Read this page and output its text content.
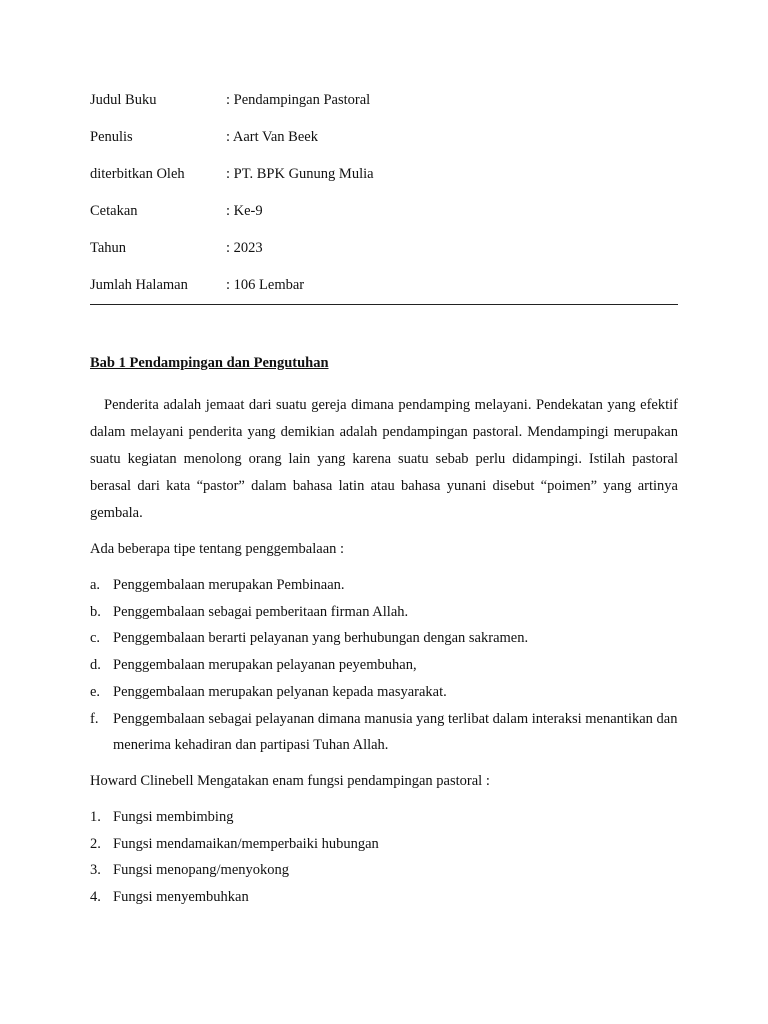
Judul Buku	: Pendampingan Pastoral
Penulis	: Aart Van Beek
diterbitkan Oleh	: PT. BPK Gunung Mulia
Cetakan	: Ke-9
Tahun	: 2023
Jumlah Halaman	: 106 Lembar
Bab 1 Pendampingan dan Pengutuhan

Penderita adalah jemaat dari suatu gereja dimana pendamping melayani. Pendekatan yang efektif dalam melayani penderita yang demikian adalah pendampingan pastoral. Mendampingi merupakan suatu kegiatan menolong orang lain yang karena suatu sebab perlu didampingi. Istilah pastoral berasal dari kata “pastor” dalam bahasa latin atau bahasa yunani disebut “poimen” yang artinya gembala.

Ada beberapa tipe tentang penggembalaan :

a. Penggembalaan merupakan Pembinaan.
b. Penggembalaan sebagai pemberitaan firman Allah.
c. Penggembalaan berarti pelayanan yang berhubungan dengan sakramen.
d. Penggembalaan merupakan pelayanan peyembuhan,
e. Penggembalaan merupakan pelyanan kepada masyarakat.
f.	Penggembalaan sebagai pelayanan dimana manusia yang terlibat dalam interaksi menantikan dan menerima kehadiran dan partipasi Tuhan Allah.

Howard Clinebell Mengatakan enam fungsi pendampingan pastoral :

1. Fungsi membimbing
2. Fungsi mendamaikan/memperbaiki hubungan
3. Fungsi menopang/menyokong
4. Fungsi menyembuhkan
